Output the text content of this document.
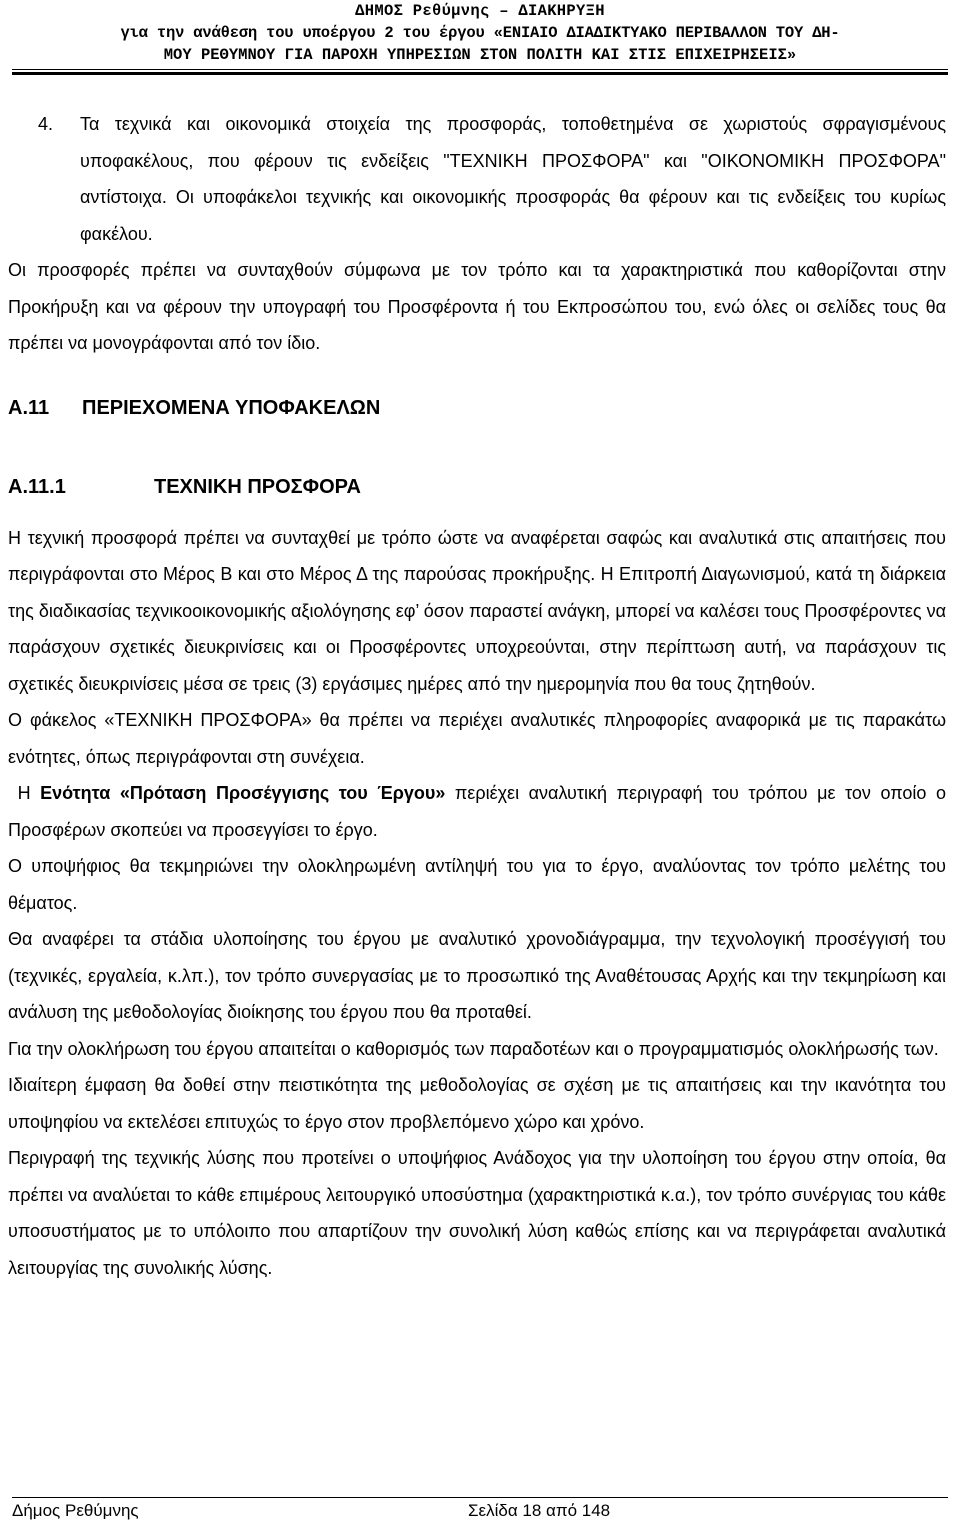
ΔΗΜΟΣ Ρεθύμνης – ΔΙΑΚΗΡΥΞΗ
για την ανάθεση του υποέργου 2 του έργου «ΕΝΙΑΙΟ ΔΙΑΔΙΚΤΥΑΚΟ ΠΕΡΙΒΑΛΛΟΝ ΤΟΥ ΔΗ-
ΜΟΥ ΡΕΘΥΜΝΟΥ ΓΙΑ ΠΑΡΟΧΗ ΥΠΗΡΕΣΙΩΝ ΣΤΟΝ ΠΟΛΙΤΗ ΚΑΙ ΣΤΙΣ ΕΠΙΧΕΙΡΗΣΕΙΣ»

4. Τα τεχνικά και οικονομικά στοιχεία της προσφοράς, τοποθετημένα σε χωριστούς σφραγισμένους υποφακέλους, που φέρουν τις ενδείξεις "ΤΕΧΝΙΚΗ ΠΡΟΣΦΟΡΑ" και "ΟΙΚΟΝΟΜΙΚΗ ΠΡΟΣΦΟΡΑ" αντίστοιχα. Οι υποφάκελοι τεχνικής και οικονομικής προσφοράς θα φέρουν και τις ενδείξεις του κυρίως φακέλου.

Οι προσφορές πρέπει να συνταχθούν σύμφωνα με τον τρόπο και τα χαρακτηριστικά που καθορίζονται στην Προκήρυξη και να φέρουν την υπογραφή του Προσφέροντα ή του Εκπροσώπου του, ενώ όλες οι σελίδες τους θα πρέπει να μονογράφονται από τον ίδιο.

Α.11	ΠΕΡΙΕΧΟΜΕΝΑ ΥΠΟΦΑΚΕΛΩΝ
Α.11.1	ΤΕΧΝΙΚΗ ΠΡΟΣΦΟΡΑ

Η τεχνική προσφορά πρέπει να συνταχθεί με τρόπο ώστε να αναφέρεται σαφώς και αναλυτικά στις απαιτήσεις που περιγράφονται στο Μέρος Β και στο Μέρος Δ της παρούσας προκήρυξης. Η Επιτροπή Διαγωνισμού, κατά τη διάρκεια της διαδικασίας τεχνικοοικονομικής αξιολόγησης εφ’ όσον παραστεί ανάγκη, μπορεί να καλέσει τους Προσφέροντες να παράσχουν σχετικές διευκρινίσεις και οι Προσφέροντες υποχρεούνται, στην περίπτωση αυτή, να παράσχουν τις σχετικές διευκρινίσεις μέσα σε τρεις (3) εργάσιμες ημέρες από την ημερομηνία που θα τους ζητηθούν.

Ο φάκελος «ΤΕΧΝΙΚΗ ΠΡΟΣΦΟΡΑ» θα πρέπει να περιέχει αναλυτικές πληροφορίες αναφορικά με τις παρακάτω ενότητες, όπως περιγράφονται στη συνέχεια.

Η Ενότητα «Πρόταση Προσέγγισης του Έργου» περιέχει αναλυτική περιγραφή του τρόπου με τον οποίο ο Προσφέρων σκοπεύει να προσεγγίσει το έργο.

Ο υποψήφιος θα τεκμηριώνει την ολοκληρωμένη αντίληψή του για το έργο, αναλύοντας τον τρόπο μελέτης του θέματος.

Θα αναφέρει τα στάδια υλοποίησης του έργου με αναλυτικό χρονοδιάγραμμα, την τεχνολογική προσέγγισή του (τεχνικές, εργαλεία, κ.λπ.), τον τρόπο συνεργασίας με το προσωπικό της Αναθέτουσας Αρχής και την τεκμηρίωση και ανάλυση της μεθοδολογίας διοίκησης του έργου που θα προταθεί.

Για την ολοκλήρωση του έργου απαιτείται ο καθορισμός των παραδοτέων και ο προγραμματισμός ολοκλήρωσής των.

Ιδιαίτερη έμφαση θα δοθεί στην πειστικότητα της μεθοδολογίας σε σχέση με τις απαιτήσεις και την ικανότητα του υποψηφίου να εκτελέσει επιτυχώς το έργο στον προβλεπόμενο χώρο και χρόνο.

Περιγραφή της τεχνικής λύσης που προτείνει ο υποψήφιος Ανάδοχος για την υλοποίηση του έργου στην οποία, θα πρέπει να αναλύεται το κάθε επιμέρους λειτουργικό υποσύστημα (χαρακτηριστικά κ.α.), τον τρόπο συνέργιας του κάθε υποσυστήματος με το υπόλοιπο που απαρτίζουν την συνολική λύση καθώς επίσης και να περιγράφεται αναλυτικά λειτουργίας της συνολικής λύσης.

Δήμος Ρεθύμνης	Σελίδα 18 από 148
